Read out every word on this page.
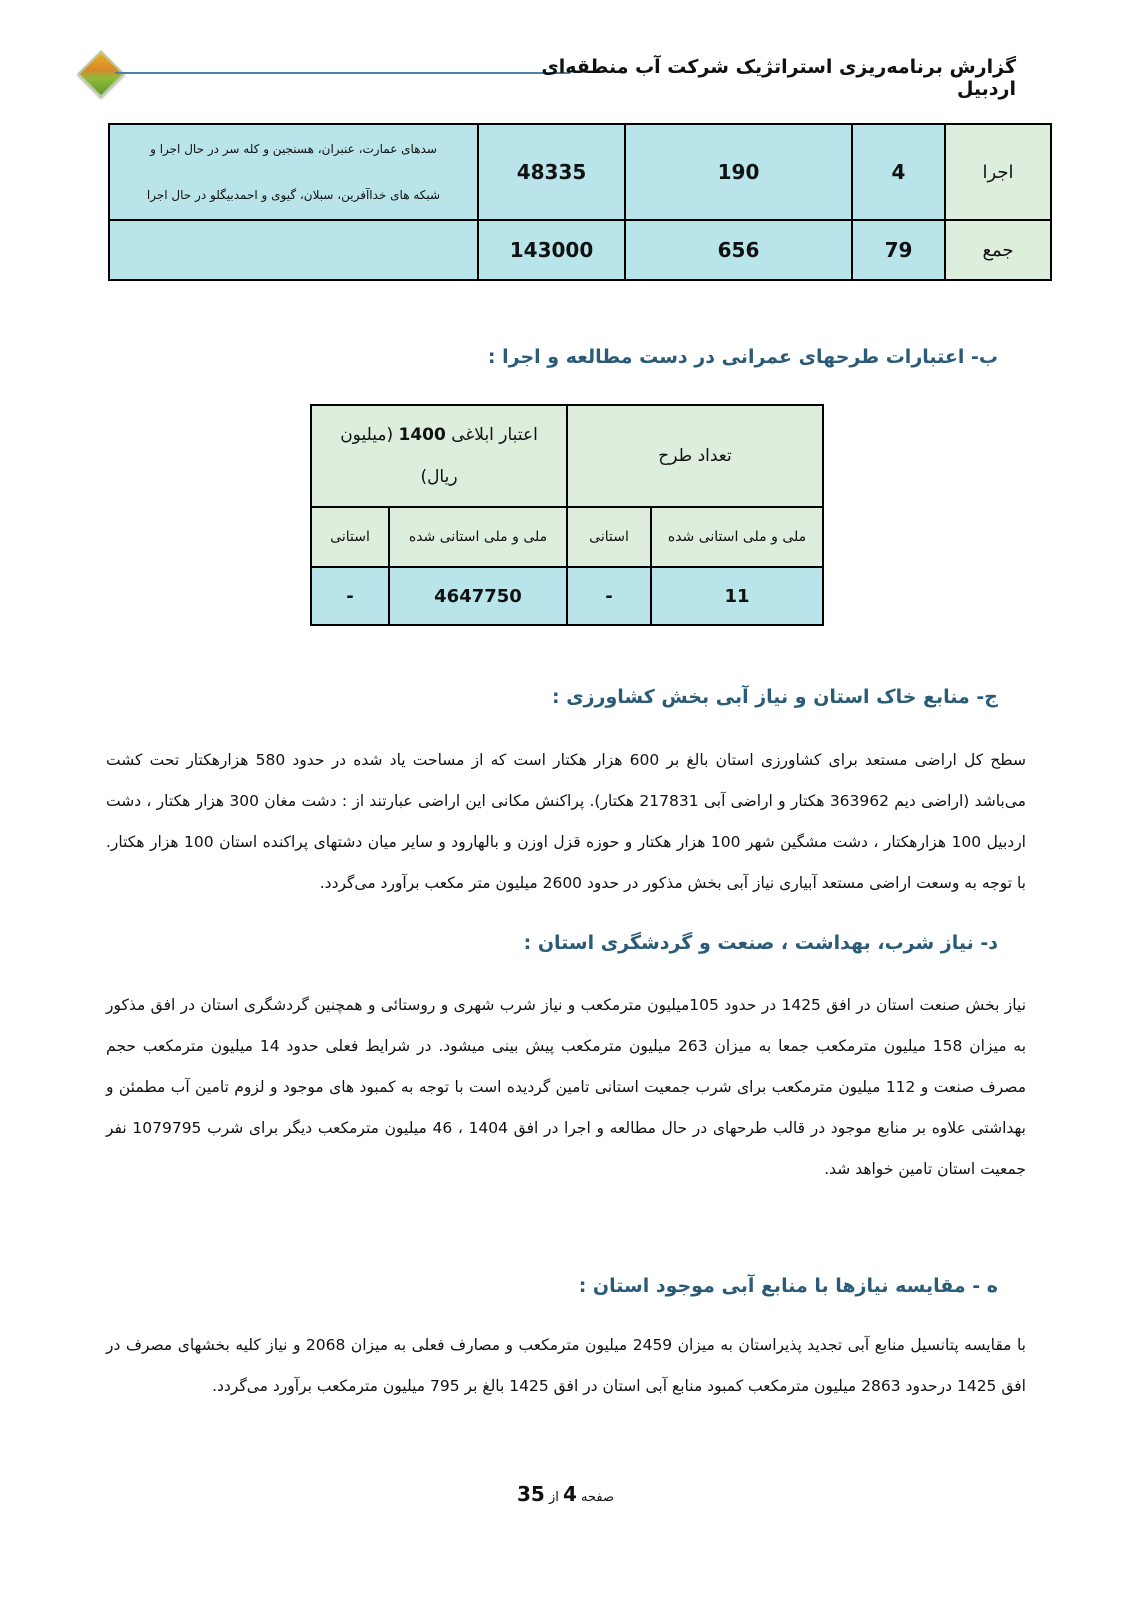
گزارش برنامه‌ریزی استراتژیک شرکت آب منطقه‌ای اردبیل
اجرا	4	190	48335	سدهای عمارت، عنبران، هسنجین و کله سر در حال اجرا و
شبکه های خداآفرین، سبلان، گیوی و احمدبیگلو در حال اجرا

جمع	79	656	143000	
ب- اعتبارات طرحهای عمرانی در دست مطالعه و اجرا :
تعداد طرح		اعتبار ابلاغی 1400 (میلیون
ریال)	

ملی و ملی استانی شده	استانی	ملی و ملی استانی شده	استانی
11	-	4647750	-
ج- منابع خاک استان و نیاز آبی بخش کشاورزی :
سطح کل اراضی مستعد برای کشاورزی استان بالغ بر 600 هزار هکتار است که از مساحت یاد شده در حدود 580 هزارهکتار تحت کشت می‌باشد (اراضی دیم 363962 هکتار و اراضی آبی 217831 هکتار). پراکنش مکانی این اراضی عبارتند از : دشت مغان 300 هزار هکتار ، دشت اردبیل 100 هزارهکتار ، دشت مشگین شهر 100 هزار هکتار و حوزه قزل اوزن و بالهارود و سایر میان دشتهای پراکنده استان 100 هزار هکتار. با توجه به وسعت اراضی مستعد آبیاری نیاز آبی بخش مذکور در حدود 2600 میلیون متر مکعب برآورد می‌گردد.
د- نیاز شرب، بهداشت ، صنعت و گردشگری استان :
نیاز بخش صنعت استان در افق 1425 در حدود 105میلیون مترمکعب و نیاز شرب شهری و روستائی و همچنین گردشگری استان در افق مذکور به میزان 158 میلیون مترمکعب جمعا به میزان 263 میلیون مترمکعب پیش بینی میشود. در شرایط فعلی حدود 14 میلیون مترمکعب حجم مصرف صنعت و 112 میلیون مترمکعب برای شرب جمعیت استانی تامین گردیده است با توجه به کمبود های موجود و لزوم تامین آب مطمئن و بهداشتی علاوه بر منابع موجود در قالب طرحهای در حال مطالعه و اجرا در افق 1404 ، 46 میلیون مترمکعب دیگر برای شرب 1079795 نفر جمعیت استان تامین خواهد شد.
ه - مقایسه نیازها با منابع آبی موجود استان :
با مقایسه پتانسیل منابع آبی تجدید پذیراستان به میزان 2459 میلیون مترمکعب و مصارف فعلی به میزان 2068 و نیاز کلیه بخشهای مصرف در افق 1425 درحدود 2863 میلیون مترمکعب کمبود منابع آبی استان در افق 1425 بالغ بر 795 میلیون مترمکعب برآورد می‌گردد.
صفحه 4 از 35
